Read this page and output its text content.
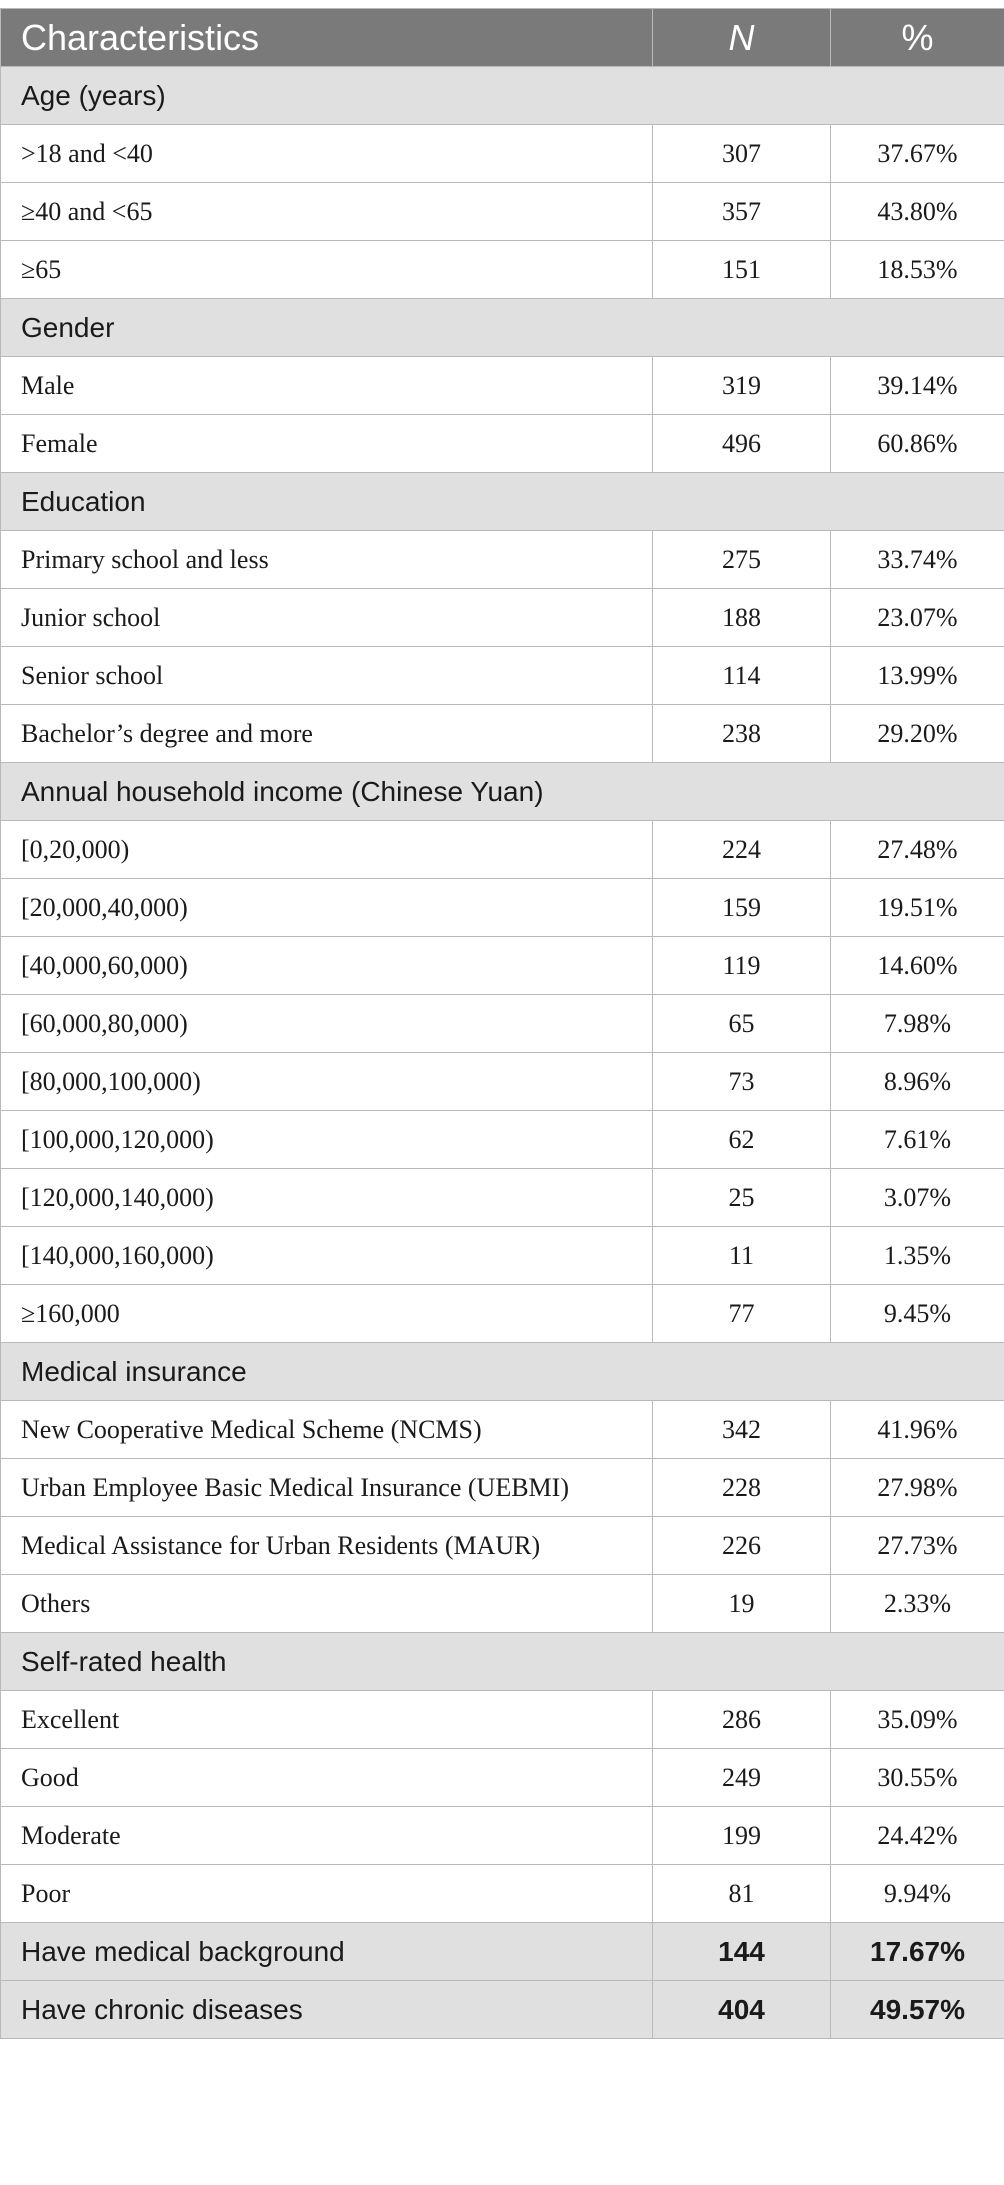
Characteristics	N	%
Age (years)		
>18 and <40	307	37.67%
≥40 and <65	357	43.80%
≥65	151	18.53%
Gender		
Male	319	39.14%
Female	496	60.86%
Education		
Primary school and less	275	33.74%
Junior school	188	23.07%
Senior school	114	13.99%
Bachelor’s degree and more	238	29.20%
Annual household income (Chinese Yuan)		
[0,20,000)	224	27.48%
[20,000,40,000)	159	19.51%
[40,000,60,000)	119	14.60%
[60,000,80,000)	65	7.98%
[80,000,100,000)	73	8.96%
[100,000,120,000)	62	7.61%
[120,000,140,000)	25	3.07%
[140,000,160,000)	11	1.35%
≥160,000	77	9.45%
Medical insurance		
New Cooperative Medical Scheme (NCMS)	342	41.96%
Urban Employee Basic Medical Insurance (UEBMI)	228	27.98%
Medical Assistance for Urban Residents (MAUR)	226	27.73%
Others	19	2.33%
Self-rated health		
Excellent	286	35.09%
Good	249	30.55%
Moderate	199	24.42%
Poor	81	9.94%
Have medical background	144	17.67%
Have chronic diseases	404	49.57%
